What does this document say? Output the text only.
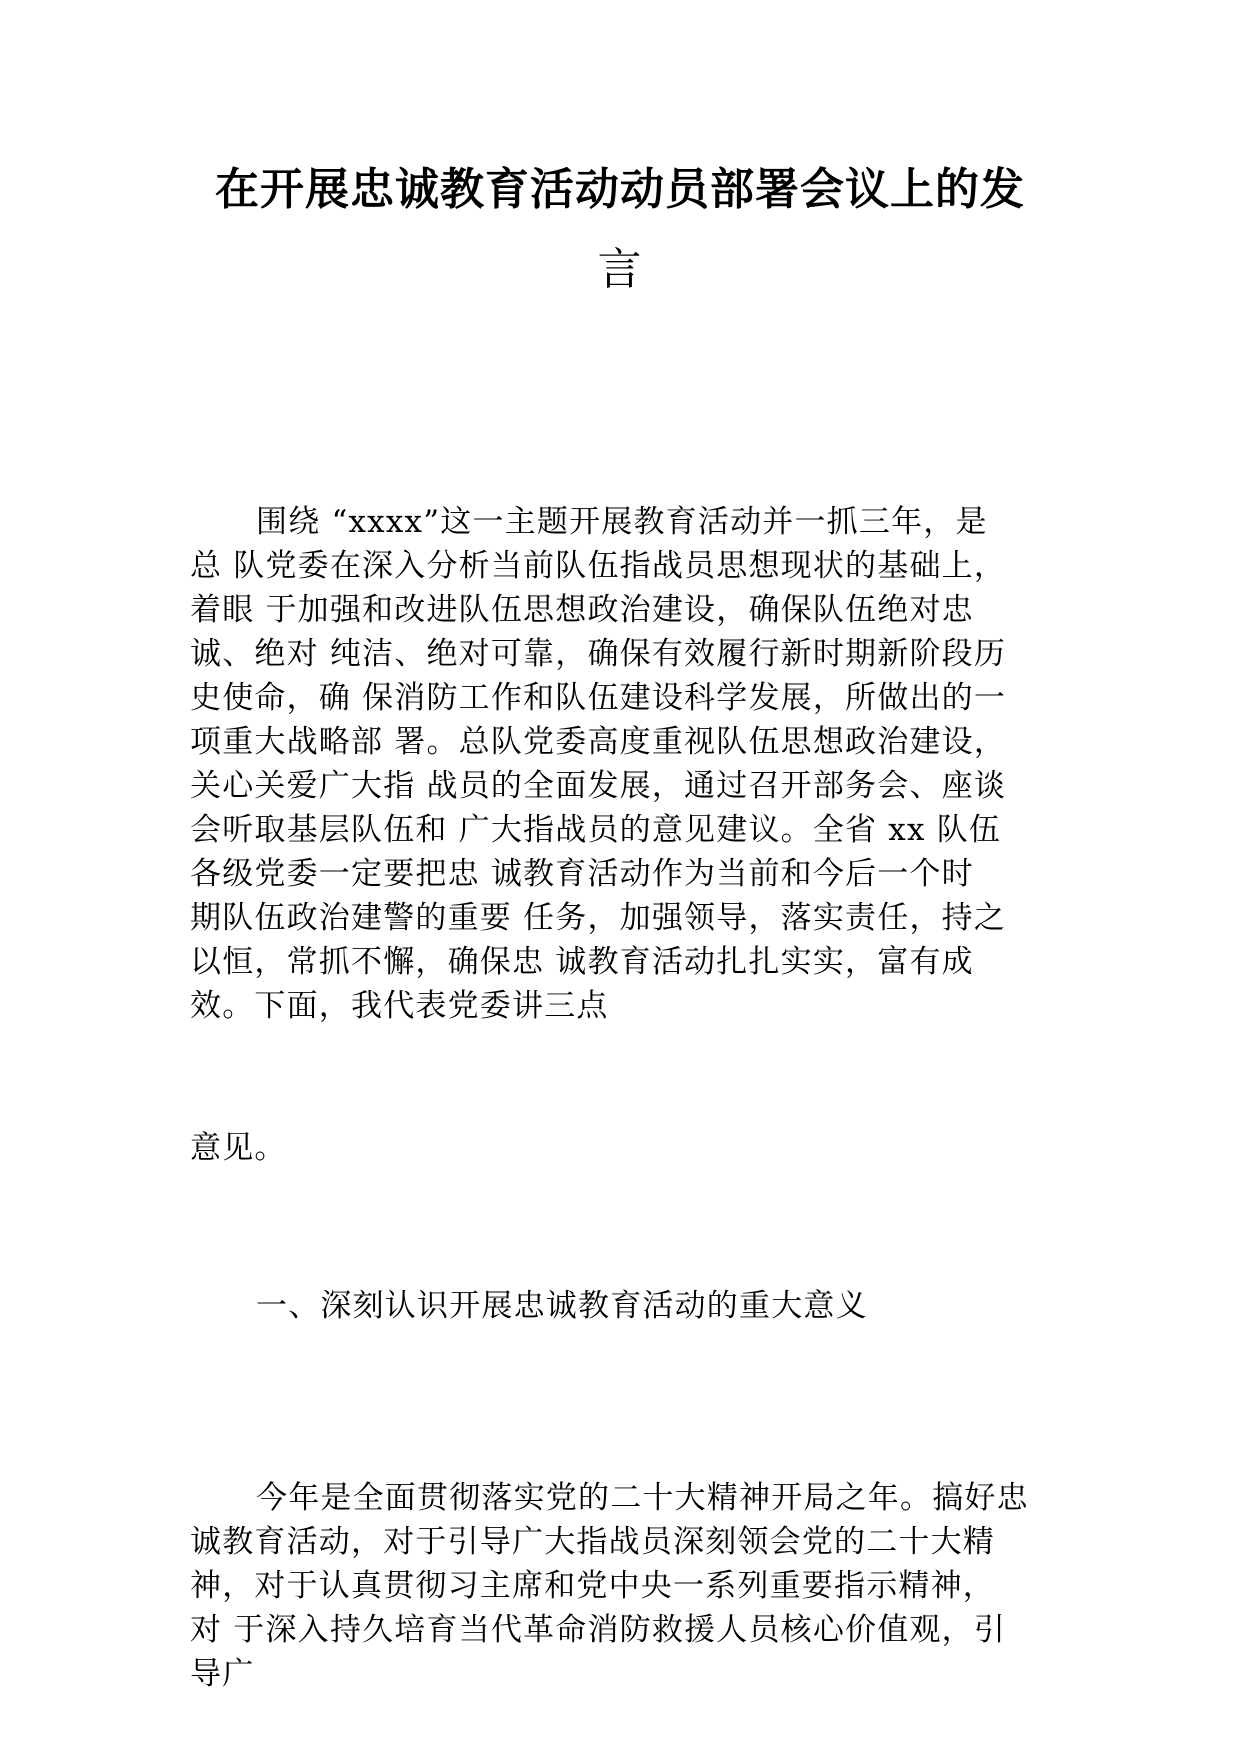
在开展忠诚教育活动动员部署会议上的发
言
围绕 “xxxx”这一主题开展教育活动并一抓三年，是
总 队党委在深入分析当前队伍指战员思想现状的基础上，
着眼 于加强和改进队伍思想政治建设，确保队伍绝对忠
诚、绝对 纯洁、绝对可靠，确保有效履行新时期新阶段历
史使命，确 保消防工作和队伍建设科学发展，所做出的一
项重大战略部 署。总队党委高度重视队伍思想政治建设，
关心关爱广大指 战员的全面发展，通过召开部务会、座谈
会听取基层队伍和 广大指战员的意见建议。全省 xx 队伍
各级党委一定要把忠 诚教育活动作为当前和今后一个时
期队伍政治建警的重要 任务，加强领导，落实责任，持之
以恒，常抓不懈，确保忠 诚教育活动扎扎实实，富有成
效。下面，我代表党委讲三点
意见。
一、深刻认识开展忠诚教育活动的重大意义
今年是全面贯彻落实党的二十大精神开局之年。搞好忠
诚教育活动，对于引导广大指战员深刻领会党的二十大精
神，对于认真贯彻习主席和党中央一系列重要指示精神，
对 于深入持久培育当代革命消防救援人员核心价值观，引
导广
